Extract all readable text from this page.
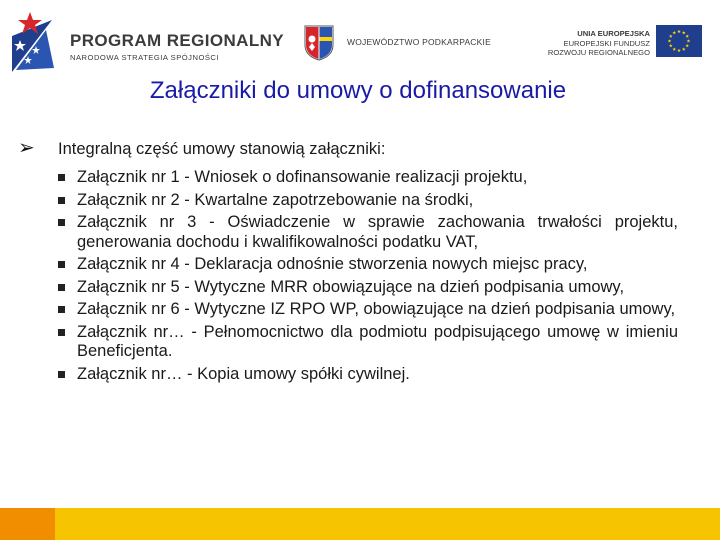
PROGRAM REGIONALNY
NARODOWA STRATEGIA SPÓJNOŚCI
WOJEWÓDZTWO PODKARPACKIE
UNIA EUROPEJSKA
EUROPEJSKI FUNDUSZ
ROZWOJU REGIONALNEGO
Załączniki do umowy o dofinansowanie
➢ Integralną część umowy stanowią załączniki:
Załącznik nr 1 - Wniosek o dofinansowanie realizacji projektu,
Załącznik nr 2 - Kwartalne zapotrzebowanie na środki,
Załącznik nr 3 - Oświadczenie w sprawie zachowania trwałości projektu, generowania dochodu i kwalifikowalności podatku VAT,
Załącznik nr 4 - Deklaracja odnośnie stworzenia nowych miejsc pracy,
Załącznik nr 5 - Wytyczne MRR obowiązujące na dzień podpisania umowy,
Załącznik nr 6 - Wytyczne IZ RPO WP, obowiązujące na dzień podpisania umowy,
Załącznik nr… - Pełnomocnictwo dla podmiotu podpisującego umowę w imieniu Beneficjenta.
Załącznik nr… - Kopia umowy spółki cywilnej.
